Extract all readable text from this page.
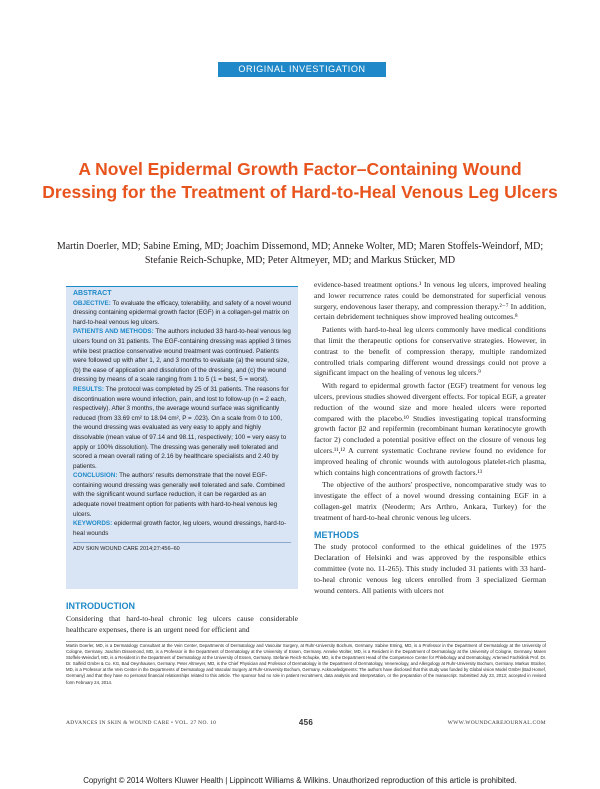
ORIGINAL INVESTIGATION
A Novel Epidermal Growth Factor–Containing Wound Dressing for the Treatment of Hard-to-Heal Venous Leg Ulcers

Martin Doerler, MD; Sabine Eming, MD; Joachim Dissemond, MD; Anneke Wolter, MD; Maren Stoffels-Weindorf, MD; Stefanie Reich-Schupke, MD; Peter Altmeyer, MD; and Markus Stücker, MD

ABSTRACT

OBJECTIVE: To evaluate the efficacy, tolerability, and safety of a novel wound dressing containing epidermal growth factor (EGF) in a collagen-gel matrix on hard-to-heal venous leg ulcers.

PATIENTS AND METHODS: The authors included 33 hard-to-heal venous leg ulcers found on 31 patients. The EGF-containing dressing was applied 3 times while best practice conservative wound treatment was continued. Patients were followed up with after 1, 2, and 3 months to evaluate (a) the wound size, (b) the ease of application and dissolution of the dressing, and (c) the wound dressing by means of a scale ranging from 1 to 5 (1 = best, 5 = worst).

RESULTS: The protocol was completed by 25 of 31 patients. The reasons for discontinuation were wound infection, pain, and lost to follow-up (n = 2 each, respectively). After 3 months, the average wound surface was significantly reduced (from 33.69 cm² to 18.94 cm², P = .023). On a scale from 0 to 100, the wound dressing was evaluated as very easy to apply and highly dissolvable (mean value of 97.14 and 98.11, respectively; 100 = very easy to apply or 100% dissolution). The dressing was generally well tolerated and scored a mean overall rating of 2.16 by healthcare specialists and 2.40 by patients.

CONCLUSION: The authors' results demonstrate that the novel EGF-containing wound dressing was generally well tolerated and safe. Combined with the significant wound surface reduction, it can be regarded as an adequate novel treatment option for patients with hard-to-heal venous leg ulcers.

KEYWORDS: epidermal growth factor, leg ulcers, wound dressings, hard-to-heal wounds

ADV SKIN WOUND CARE 2014;27:456–60

INTRODUCTION

Considering that hard-to-heal chronic leg ulcers cause considerable healthcare expenses, there is an urgent need for efficient and

evidence-based treatment options.¹ In venous leg ulcers, improved healing and lower recurrence rates could be demonstrated for superficial venous surgery, endovenous laser therapy, and compression therapy.²⁻⁷ In addition, certain debridement techniques show improved healing outcomes.⁸

Patients with hard-to-heal leg ulcers commonly have medical conditions that limit the therapeutic options for conservative strategies. However, in contrast to the benefit of compression therapy, multiple randomized controlled trials comparing different wound dressings could not prove a significant impact on the healing of venous leg ulcers.⁹

With regard to epidermal growth factor (EGF) treatment for venous leg ulcers, previous studies showed divergent effects. For topical EGF, a greater reduction of the wound size and more healed ulcers were reported compared with the placebo.¹⁰ Studies investigating topical transforming growth factor β2 and repifermin (recombinant human keratinocyte growth factor 2) concluded a potential positive effect on the closure of venous leg ulcers.¹¹,¹² A current systematic Cochrane review found no evidence for improved healing of chronic wounds with autologous platelet-rich plasma, which contains high concentrations of growth factors.¹³

The objective of the authors' prospective, noncomparative study was to investigate the effect of a novel wound dressing containing EGF in a collagen-gel matrix (Neoderm; Ars Arthro, Ankara, Turkey) for the treatment of hard-to-heal chronic venous leg ulcers.

METHODS

The study protocol conformed to the ethical guidelines of the 1975 Declaration of Helsinki and was approved by the responsible ethics committee (vote no. 11-265). This study included 31 patients with 33 hard-to-heal chronic venous leg ulcers enrolled from 3 specialized German wound centers. All patients with ulcers not

Martin Doerler, MD, is a Dermatology Consultant at the Vein Center, Departments of Dermatology and Vascular Surgery, at Ruhr-University Bochum, Germany. Sabine Eming, MD, is a Professor in the Department of Dermatology at the University of Cologne, Germany. Joachim Dissemond, MD, is a Professor in the Department of Dermatology at the University of Essen, Germany. Anneke Wolter, MD, is a Resident in the Department of Dermatology at the University of Cologne, Germany. Maren Stoffels-Weindorf, MD, is a Resident in the Department of Dermatology at the University of Essen, Germany. Stefanie Reich-Schupke, MD, is the Department Head of the Competence Center for Phlebology and Dermatology, Artemed Fachklinik Prof. Dr. Dr. Salfeld GmbH & Co. KG, Bad Oeynhausen, Germany. Peter Altmeyer, MD, is the Chief Physician and Professor of Dermatology in the Department of Dermatology, Venereology, and Allergology at Ruhr-University Bochum, Germany. Markus Stücker, MD, is a Professor at the Vein Center in the Departments of Dermatology and Vascular Surgery at Ruhr-University Bochum, Germany. Acknowledgments: The authors have disclosed that this study was funded by Global vision Model GmbH (Bad Homef, Germany) and that they have no personal financial relationships related to this article. The sponsor had no role in patient recruitment, data analysis and interpretation, or the preparation of the manuscript. Submitted July 23, 2013; accepted in revised form February 24, 2014.

ADVANCES IN SKIN & WOUND CARE • VOL. 27 NO. 10	456	WWW.WOUNDCAREJOURNAL.COM

Copyright © 2014 Wolters Kluwer Health | Lippincott Williams & Wilkins. Unauthorized reproduction of this article is prohibited.
